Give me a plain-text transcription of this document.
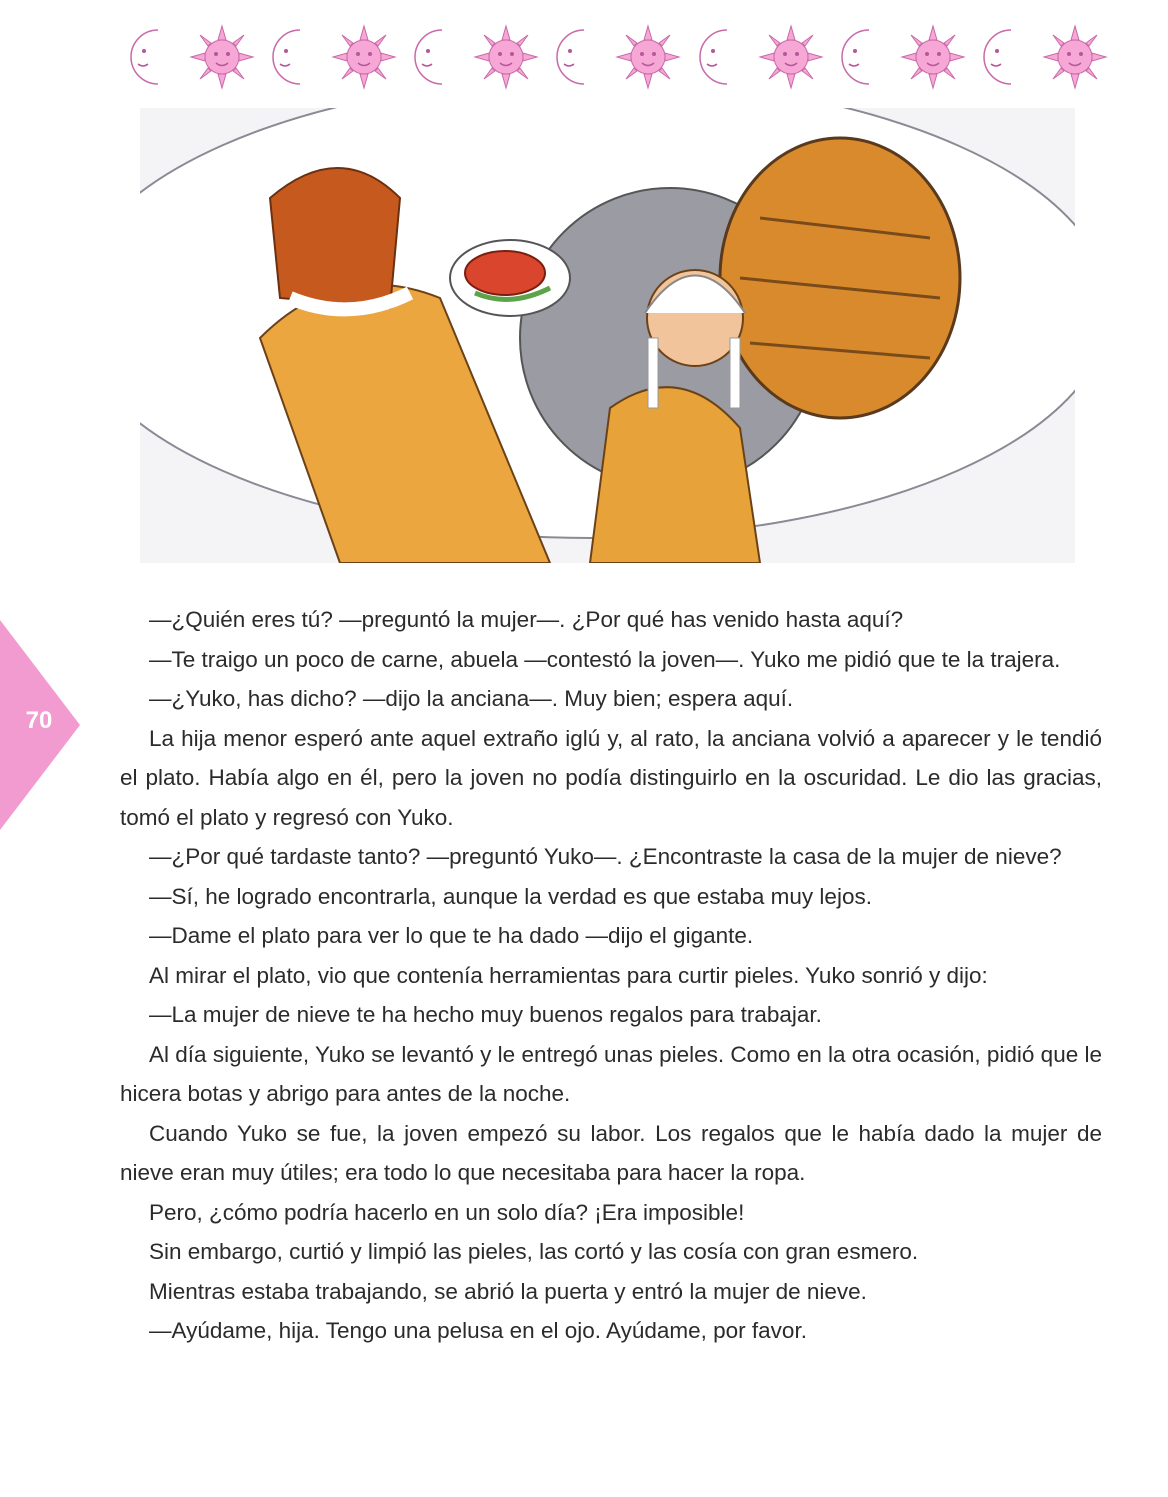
70

—¿Quién eres tú? —preguntó la mujer—. ¿Por qué has venido hasta aquí?

—Te traigo un poco de carne, abuela —contestó la joven—. Yuko me pidió que te la trajera.

—¿Yuko, has dicho? —dijo la anciana—. Muy bien; espera aquí.

La hija menor esperó ante aquel extraño iglú y, al rato, la anciana volvió a aparecer y le tendió el plato. Había algo en él, pero la joven no podía distinguirlo en la oscuridad. Le dio las gracias, tomó el plato y regresó con Yuko.

—¿Por qué tardaste tanto? —preguntó Yuko—. ¿Encontraste la casa de la mujer de nieve?

—Sí, he logrado encontrarla, aunque la verdad es que estaba muy lejos.

—Dame el plato para ver lo que te ha dado —dijo el gigante.

Al mirar el plato, vio que contenía herramientas para curtir pieles. Yuko sonrió y dijo:

—La mujer de nieve te ha hecho muy buenos regalos para trabajar.

Al día siguiente, Yuko se levantó y le entregó unas pieles. Como en la otra ocasión, pidió que le hicera botas y abrigo para antes de la noche.

Cuando Yuko se fue, la joven empezó su labor. Los regalos que le había dado la mujer de nieve eran muy útiles; era todo lo que necesitaba para hacer la ropa.

Pero, ¿cómo podría hacerlo en un solo día? ¡Era imposible!

Sin embargo, curtió y limpió las pieles, las cortó y las cosía con gran esmero.

Mientras estaba trabajando, se abrió la puerta y entró la mujer de nieve.

—Ayúdame, hija. Tengo una pelusa en el ojo. Ayúdame, por favor.
